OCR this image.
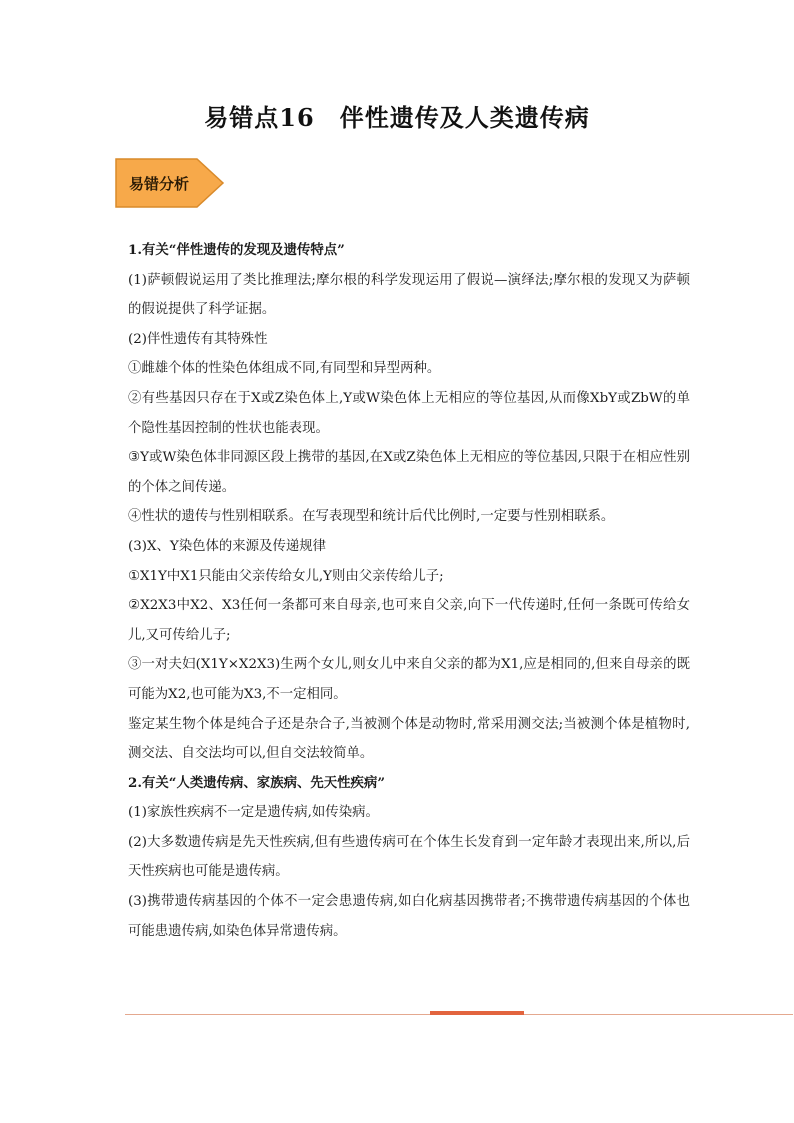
易错点16　伴性遗传及人类遗传病
易错分析

1.有关“伴性遗传的发现及遗传特点”

(1)萨顿假说运用了类比推理法;摩尔根的科学发现运用了假说—演绎法;摩尔根的发现又为萨顿的假说提供了科学证据。

(2)伴性遗传有其特殊性

①雌雄个体的性染色体组成不同,有同型和异型两种。

②有些基因只存在于X或Z染色体上,Y或W染色体上无相应的等位基因,从而像XbY或ZbW的单个隐性基因控制的性状也能表现。

③Y或W染色体非同源区段上携带的基因,在X或Z染色体上无相应的等位基因,只限于在相应性别的个体之间传递。

④性状的遗传与性别相联系。在写表现型和统计后代比例时,一定要与性别相联系。

(3)X、Y染色体的来源及传递规律

①X1Y中X1只能由父亲传给女儿,Y则由父亲传给儿子;

②X2X3中X2、X3任何一条都可来自母亲,也可来自父亲,向下一代传递时,任何一条既可传给女儿,又可传给儿子;

③一对夫妇(X1Y×X2X3)生两个女儿,则女儿中来自父亲的都为X1,应是相同的,但来自母亲的既可能为X2,也可能为X3,不一定相同。

鉴定某生物个体是纯合子还是杂合子,当被测个体是动物时,常采用测交法;当被测个体是植物时,测交法、自交法均可以,但自交法较简单。

2.有关“人类遗传病、家族病、先天性疾病”

(1)家族性疾病不一定是遗传病,如传染病。

(2)大多数遗传病是先天性疾病,但有些遗传病可在个体生长发育到一定年龄才表现出来,所以,后天性疾病也可能是遗传病。

(3)携带遗传病基因的个体不一定会患遗传病,如白化病基因携带者;不携带遗传病基因的个体也可能患遗传病,如染色体异常遗传病。
